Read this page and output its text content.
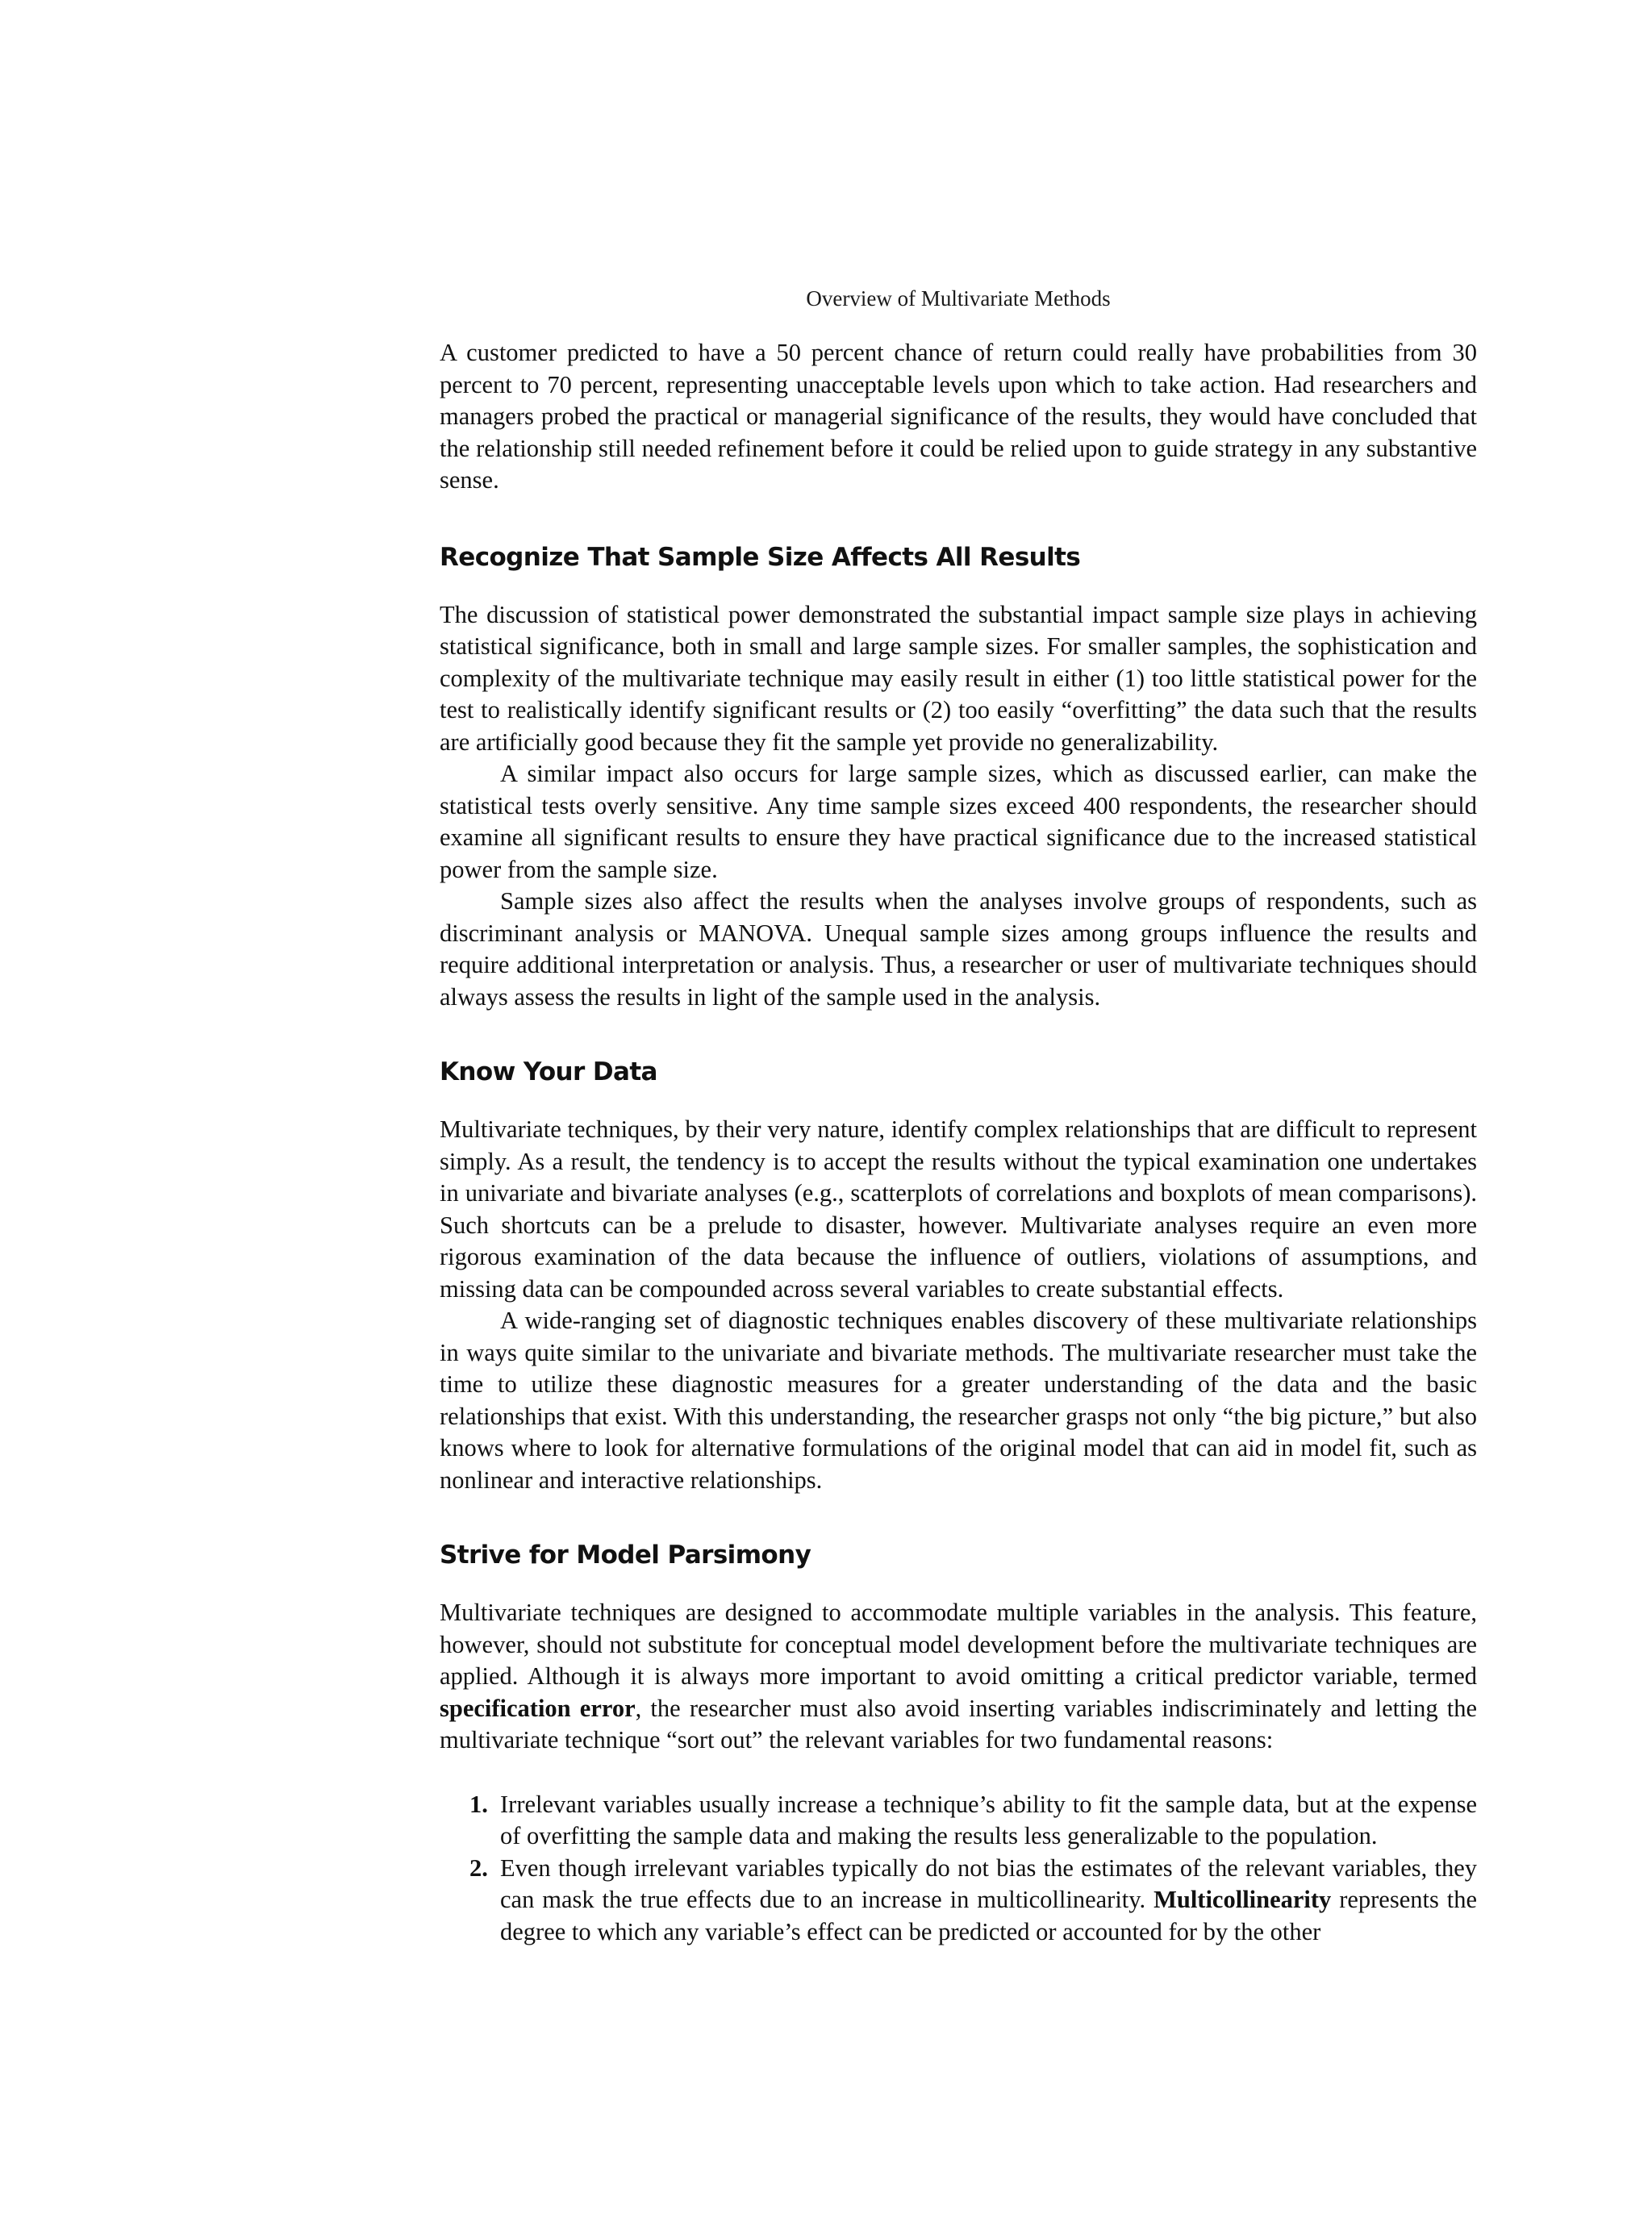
Overview of Multivariate Methods

A customer predicted to have a 50 percent chance of return could really have probabilities from 30 percent to 70 percent, representing unacceptable levels upon which to take action. Had researchers and managers probed the practical or managerial significance of the results, they would have concluded that the relationship still needed refinement before it could be relied upon to guide strategy in any substantive sense.

Recognize That Sample Size Affects All Results

The discussion of statistical power demonstrated the substantial impact sample size plays in achieving statistical significance, both in small and large sample sizes. For smaller samples, the sophistication and complexity of the multivariate technique may easily result in either (1) too little statistical power for the test to realistically identify significant results or (2) too easily “overfitting” the data such that the results are artificially good because they fit the sample yet provide no generalizability.

A similar impact also occurs for large sample sizes, which as discussed earlier, can make the statistical tests overly sensitive. Any time sample sizes exceed 400 respondents, the researcher should examine all significant results to ensure they have practical significance due to the increased statistical power from the sample size.

Sample sizes also affect the results when the analyses involve groups of respondents, such as discriminant analysis or MANOVA. Unequal sample sizes among groups influence the results and require additional interpretation or analysis. Thus, a researcher or user of multivariate techniques should always assess the results in light of the sample used in the analysis.

Know Your Data

Multivariate techniques, by their very nature, identify complex relationships that are difficult to represent simply. As a result, the tendency is to accept the results without the typical examination one undertakes in univariate and bivariate analyses (e.g., scatterplots of correlations and boxplots of mean comparisons). Such shortcuts can be a prelude to disaster, however. Multivariate analyses require an even more rigorous examination of the data because the influence of outliers, violations of assumptions, and missing data can be compounded across several variables to create substantial effects.

A wide-ranging set of diagnostic techniques enables discovery of these multivariate relationships in ways quite similar to the univariate and bivariate methods. The multivariate researcher must take the time to utilize these diagnostic measures for a greater understanding of the data and the basic relationships that exist. With this understanding, the researcher grasps not only “the big picture,” but also knows where to look for alternative formulations of the original model that can aid in model fit, such as nonlinear and interactive relationships.

Strive for Model Parsimony

Multivariate techniques are designed to accommodate multiple variables in the analysis. This feature, however, should not substitute for conceptual model development before the multivariate techniques are applied. Although it is always more important to avoid omitting a critical predictor variable, termed specification error, the researcher must also avoid inserting variables indiscriminately and letting the multivariate technique “sort out” the relevant variables for two fundamental reasons:

1. Irrelevant variables usually increase a technique’s ability to fit the sample data, but at the expense of overfitting the sample data and making the results less generalizable to the population.
2. Even though irrelevant variables typically do not bias the estimates of the relevant variables, they can mask the true effects due to an increase in multicollinearity. Multicollinearity represents the degree to which any variable’s effect can be predicted or accounted for by the other
